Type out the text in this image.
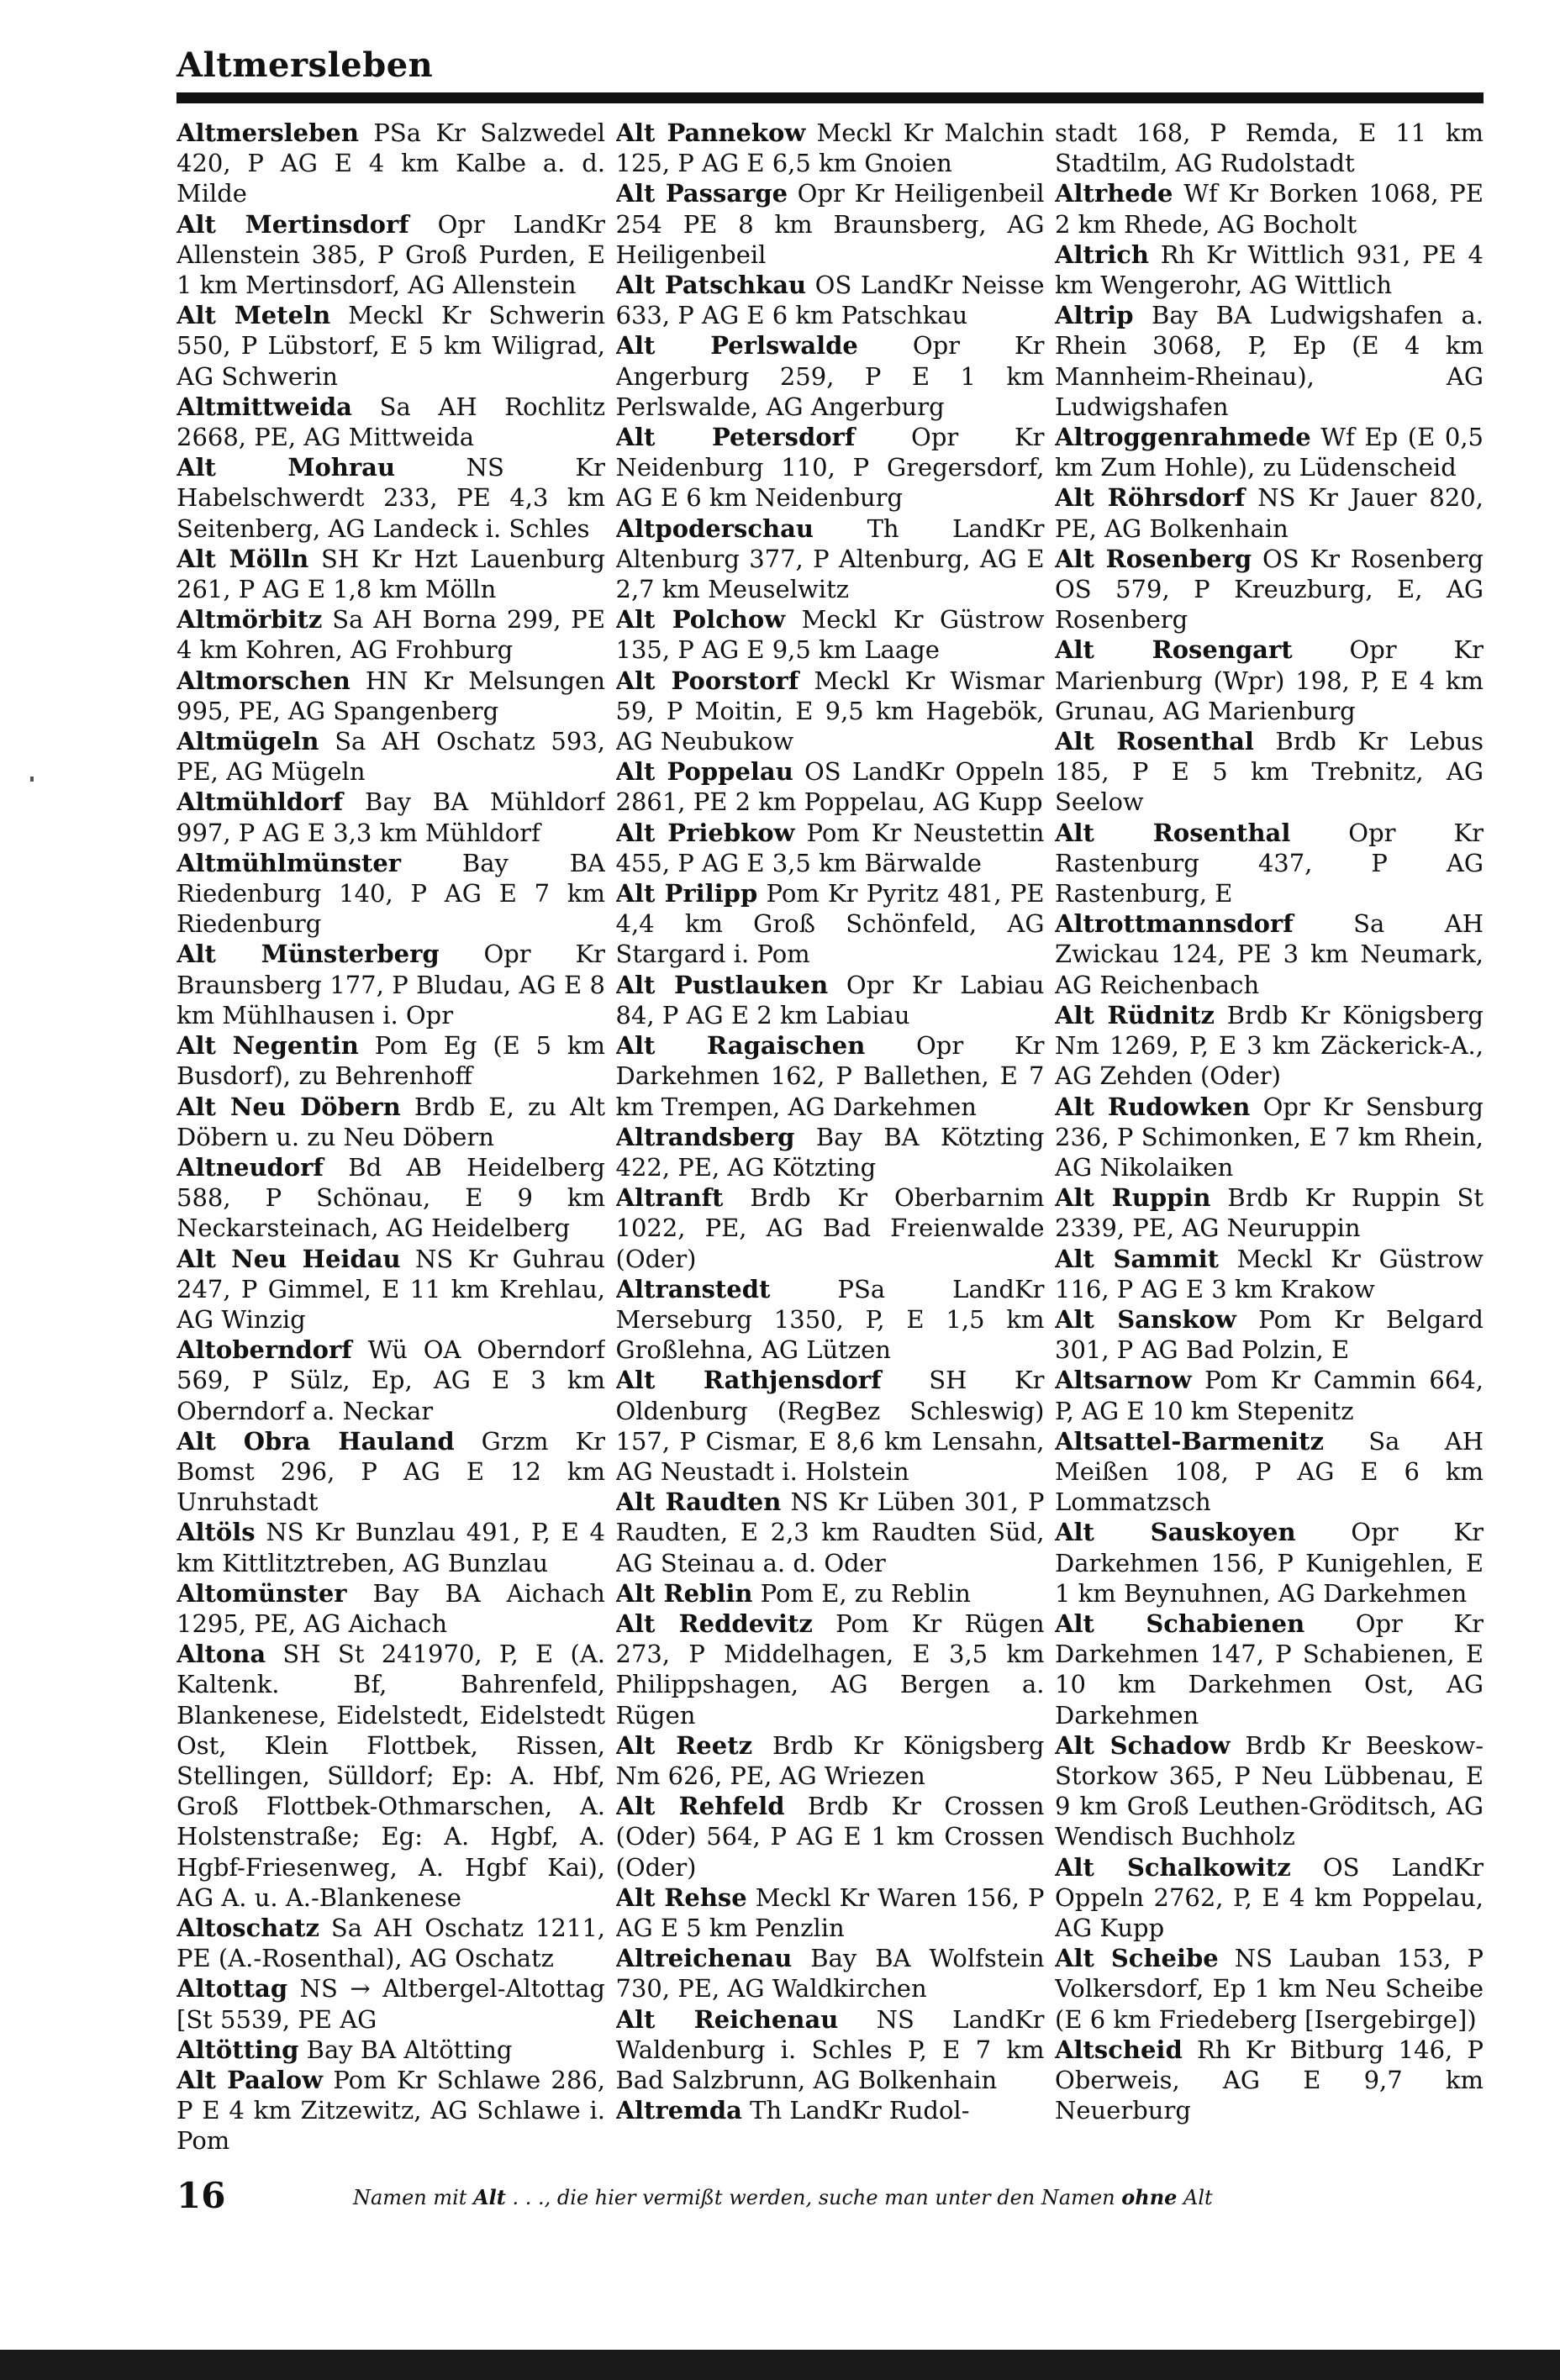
Altmersleben
Altmersleben PSa Kr Salzwedel 420, P AG E 4 km Kalbe a. d. Milde
Alt Mertinsdorf Opr LandKr Allenstein 385, P Groß Purden, E 1 km Mertinsdorf, AG Allenstein
Alt Meteln Meckl Kr Schwerin 550, P Lübstorf, E 5 km Wiligrad, AG Schwerin
Altmittweida Sa AH Rochlitz 2668, PE, AG Mittweida
Alt Mohrau NS Kr Habelschwerdt 233, PE 4,3 km Seitenberg, AG Landeck i. Schles
Alt Mölln SH Kr Hzt Lauenburg 261, P AG E 1,8 km Mölln
Altmörbitz Sa AH Borna 299, PE 4 km Kohren, AG Frohburg
Altmorschen HN Kr Melsungen 995, PE, AG Spangenberg
Altmügeln Sa AH Oschatz 593, PE, AG Mügeln
Altmühldorf Bay BA Mühldorf 997, P AG E 3,3 km Mühldorf
Altmühlmünster Bay BA Riedenburg 140, P AG E 7 km Riedenburg
Alt Münsterberg Opr Kr Braunsberg 177, P Bludau, AG E 8 km Mühlhausen i. Opr
Alt Negentin Pom Eg (E 5 km Busdorf), zu Behrenhoff
Alt Neu Döbern Brdb E, zu Alt Döbern u. zu Neu Döbern
Altneudorf Bd AB Heidelberg 588, P Schönau, E 9 km Neckarsteinach, AG Heidelberg
Alt Neu Heidau NS Kr Guhrau 247, P Gimmel, E 11 km Krehlau, AG Winzig
Altoberndorf Wü OA Oberndorf 569, P Sülz, Ep, AG E 3 km Oberndorf a. Neckar
Alt Obra Hauland Grzm Kr Bomst 296, P AG E 12 km Unruhstadt
Altöls NS Kr Bunzlau 491, P, E 4 km Kittlitztreben, AG Bunzlau
Altomünster Bay BA Aichach 1295, PE, AG Aichach
Altona SH St 241970, P, E (A. Kaltenk. Bf, Bahrenfeld, Blankenese, Eidelstedt, Eidelstedt Ost, Klein Flottbek, Rissen, Stellingen, Sülldorf; Ep: A. Hbf, Groß Flottbek-Othmarschen, A. Holstenstraße; Eg: A. Hgbf, A. Hgbf-Friesenweg, A. Hgbf Kai), AG A. u. A.-Blankenese
Altoschatz Sa AH Oschatz 1211, PE (A.-Rosenthal), AG Oschatz
Altottag NS → Altbergel-Altottag [St 5539, PE AG
Altötting Bay BA Altötting
Alt Paalow Pom Kr Schlawe 286, P E 4 km Zitzewitz, AG Schlawe i. Pom
Alt Pannekow Meckl Kr Malchin 125, P AG E 6,5 km Gnoien
Alt Passarge Opr Kr Heiligenbeil 254 PE 8 km Braunsberg, AG Heiligenbeil
Alt Patschkau OS LandKr Neisse 633, P AG E 6 km Patschkau
Alt Perlswalde Opr Kr Angerburg 259, P E 1 km Perlswalde, AG Angerburg
Alt Petersdorf Opr Kr Neidenburg 110, P Gregersdorf, AG E 6 km Neidenburg
Altpoderschau Th LandKr Altenburg 377, P Altenburg, AG E 2,7 km Meuselwitz
Alt Polchow Meckl Kr Güstrow 135, P AG E 9,5 km Laage
Alt Poorstorf Meckl Kr Wismar 59, P Moitin, E 9,5 km Hagebök, AG Neubukow
Alt Poppelau OS LandKr Oppeln 2861, PE 2 km Poppelau, AG Kupp
Alt Priebkow Pom Kr Neustettin 455, P AG E 3,5 km Bärwalde
Alt Prilipp Pom Kr Pyritz 481, PE 4,4 km Groß Schönfeld, AG Stargard i. Pom
Alt Pustlauken Opr Kr Labiau 84, P AG E 2 km Labiau
Alt Ragaischen Opr Kr Darkehmen 162, P Ballethen, E 7 km Trempen, AG Darkehmen
Altrandsberg Bay BA Kötzting 422, PE, AG Kötzting
Altranft Brdb Kr Oberbarnim 1022, PE, AG Bad Freienwalde (Oder)
Altranstedt PSa LandKr Merseburg 1350, P, E 1,5 km Großlehna, AG Lützen
Alt Rathjensdorf SH Kr Oldenburg (RegBez Schleswig) 157, P Cismar, E 8,6 km Lensahn, AG Neustadt i. Holstein
Alt Raudten NS Kr Lüben 301, P Raudten, E 2,3 km Raudten Süd, AG Steinau a. d. Oder
Alt Reblin Pom E, zu Reblin
Alt Reddevitz Pom Kr Rügen 273, P Middelhagen, E 3,5 km Philippshagen, AG Bergen a. Rügen
Alt Reetz Brdb Kr Königsberg Nm 626, PE, AG Wriezen
Alt Rehfeld Brdb Kr Crossen (Oder) 564, P AG E 1 km Crossen (Oder)
Alt Rehse Meckl Kr Waren 156, P AG E 5 km Penzlin
Altreichenau Bay BA Wolfstein 730, PE, AG Waldkirchen
Alt Reichenau NS LandKr Waldenburg i. Schles P, E 7 km Bad Salzbrunn, AG Bolkenhain
Altremda Th LandKr Rudol-
stadt 168, P Remda, E 11 km Stadtilm, AG Rudolstadt
Altrhede Wf Kr Borken 1068, PE 2 km Rhede, AG Bocholt
Altrich Rh Kr Wittlich 931, PE 4 km Wengerohr, AG Wittlich
Altrip Bay BA Ludwigshafen a. Rhein 3068, P, Ep (E 4 km Mannheim-Rheinau), AG Ludwigshafen
Altroggenrahmede Wf Ep (E 0,5 km Zum Hohle), zu Lüdenscheid
Alt Röhrsdorf NS Kr Jauer 820, PE, AG Bolkenhain
Alt Rosenberg OS Kr Rosenberg OS 579, P Kreuzburg, E, AG Rosenberg
Alt Rosengart Opr Kr Marienburg (Wpr) 198, P, E 4 km Grunau, AG Marienburg
Alt Rosenthal Brdb Kr Lebus 185, P E 5 km Trebnitz, AG Seelow
Alt Rosenthal Opr Kr Rastenburg 437, P AG Rastenburg, E
Altrottmannsdorf Sa AH Zwickau 124, PE 3 km Neumark, AG Reichenbach
Alt Rüdnitz Brdb Kr Königsberg Nm 1269, P, E 3 km Zäckerick-A., AG Zehden (Oder)
Alt Rudowken Opr Kr Sensburg 236, P Schimonken, E 7 km Rhein, AG Nikolaiken
Alt Ruppin Brdb Kr Ruppin St 2339, PE, AG Neuruppin
Alt Sammit Meckl Kr Güstrow 116, P AG E 3 km Krakow
Alt Sanskow Pom Kr Belgard 301, P AG Bad Polzin, E
Altsarnow Pom Kr Cammin 664, P, AG E 10 km Stepenitz
Altsattel-Barmenitz Sa AH Meißen 108, P AG E 6 km Lommatzsch
Alt Sauskoyen Opr Kr Darkehmen 156, P Kunigehlen, E 1 km Beynuhnen, AG Darkehmen
Alt Schabienen Opr Kr Darkehmen 147, P Schabienen, E 10 km Darkehmen Ost, AG Darkehmen
Alt Schadow Brdb Kr Beeskow-Storkow 365, P Neu Lübbenau, E 9 km Groß Leuthen-Gröditsch, AG Wendisch Buchholz
Alt Schalkowitz OS LandKr Oppeln 2762, P, E 4 km Poppelau, AG Kupp
Alt Scheibe NS Lauban 153, P Volkersdorf, Ep 1 km Neu Scheibe (E 6 km Friedeberg [Isergebirge])
Altscheid Rh Kr Bitburg 146, P Oberweis, AG E 9,7 km Neuerburg
16	Namen mit Alt . . ., die hier vermißt werden, suche man unter den Namen ohne Alt
